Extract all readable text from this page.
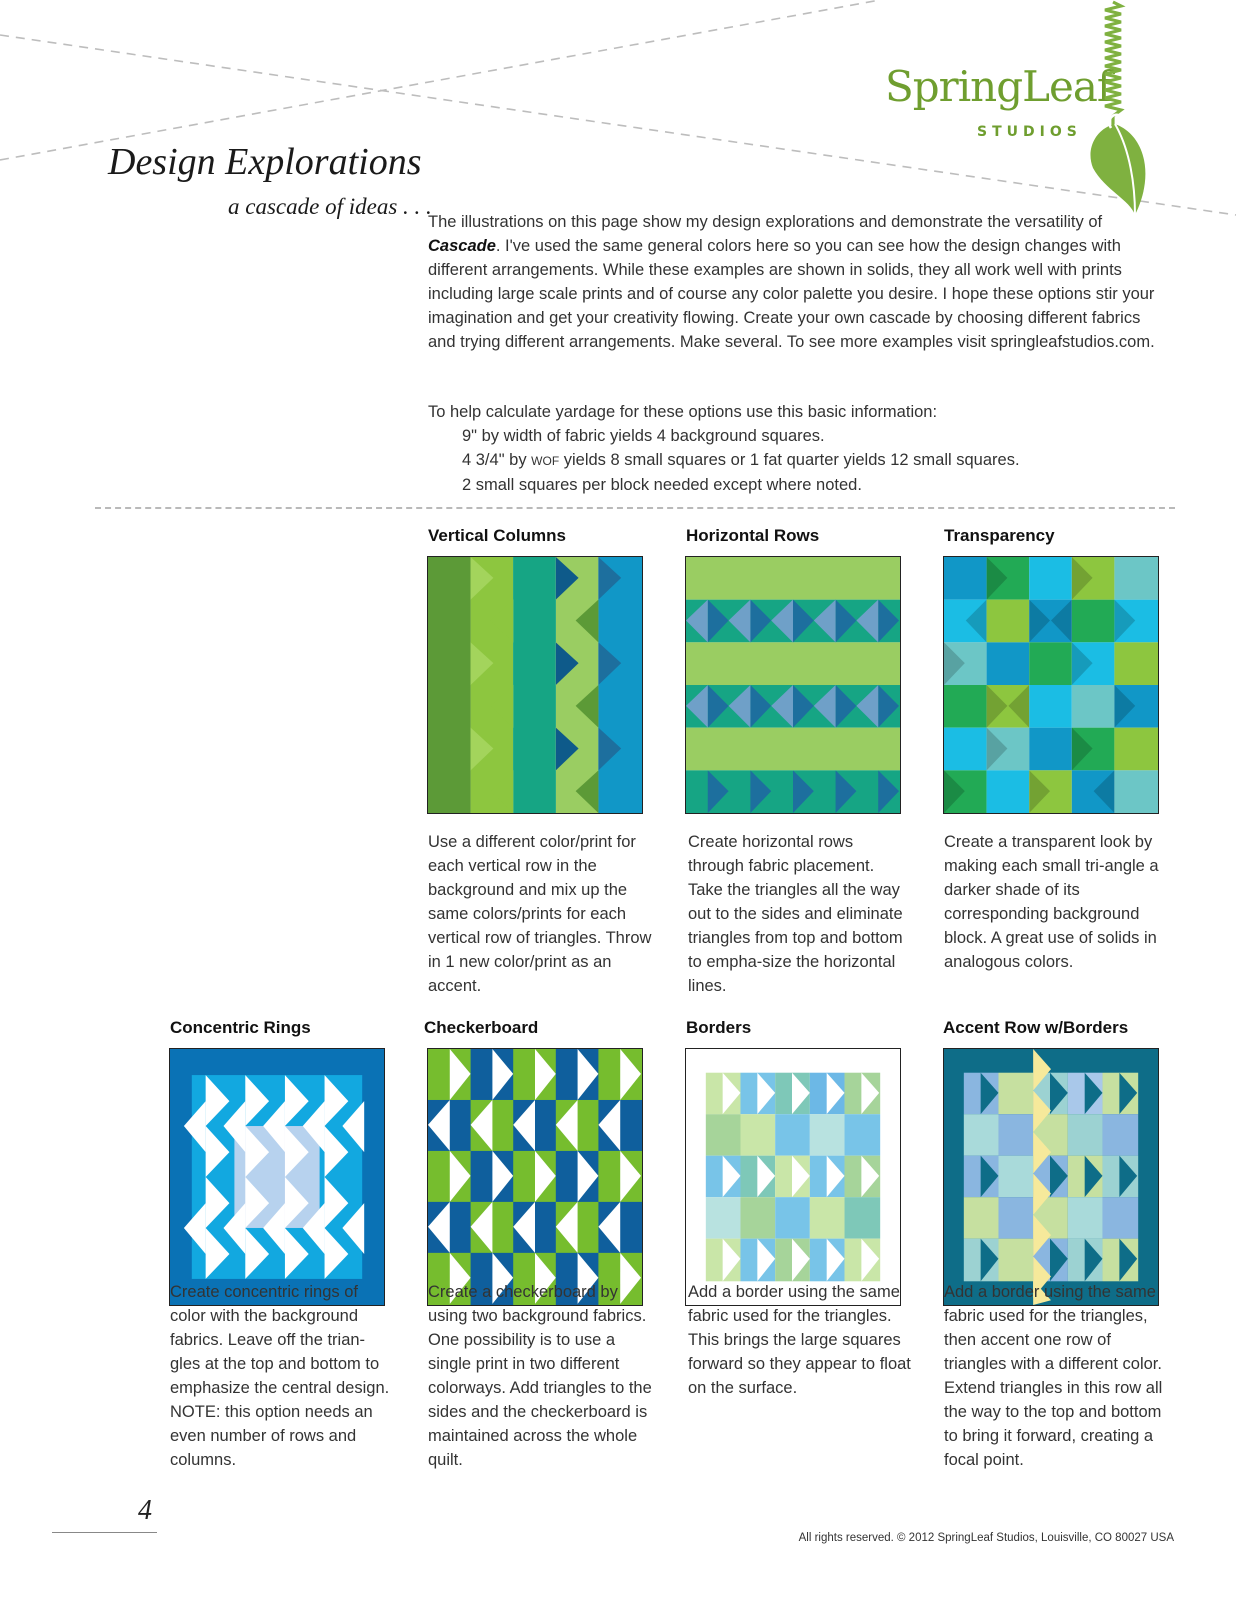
SpringLeaf
STUDIOS
Design Explorations
a cascade of ideas . . .

The illustrations on this page show my design explorations and demonstrate the versatility of Cascade. I've used the same general colors here so you can see how the design changes with different arrangements. While these examples are shown in solids, they all work well with prints including large scale prints and of course any color palette you desire. I hope these options stir your imagination and get your creativity flowing. Create your own cascade by choosing different fabrics and trying different arrangements. Make several. To see more examples visit springleafstudios.com.

To help calculate yardage for these options use this basic information:
9" by width of fabric yields 4 background squares.
4 3/4" by WOF yields 8 small squares or 1 fat quarter yields 12 small squares.
2 small squares per block needed except where noted.
Vertical Columns
Use a different color/print for each vertical row in the background and mix up the same colors/prints for each vertical row of triangles. Throw in 1 new color/print as an accent.
Horizontal Rows
Create horizontal rows through fabric placement. Take the triangles all the way out to the sides and eliminate triangles from top and bottom to empha-size the horizontal lines.
Transparency
Create a transparent look by making each small tri-angle a darker shade of its corresponding background block. A great use of solids in analogous colors.
Concentric Rings
Create concentric rings of color with the background fabrics. Leave off the trian-gles at the top and bottom to emphasize the central design. NOTE: this option needs an even number of rows and columns.
Checkerboard
Create a checkerboard by using two background fabrics. One possibility is to use a single print in two different colorways. Add triangles to the sides and the checkerboard is maintained across the whole quilt.
Borders
Add a border using the same fabric used for the triangles. This brings the large squares forward so they appear to float on the surface.
Accent Row w/Borders
Add a border using the same fabric used for the triangles, then accent one row of triangles with a different color. Extend triangles in this row all the way to the top and bottom to bring it forward, creating a focal point.
4
All rights reserved. © 2012 SpringLeaf Studios, Louisville, CO 80027 USA
